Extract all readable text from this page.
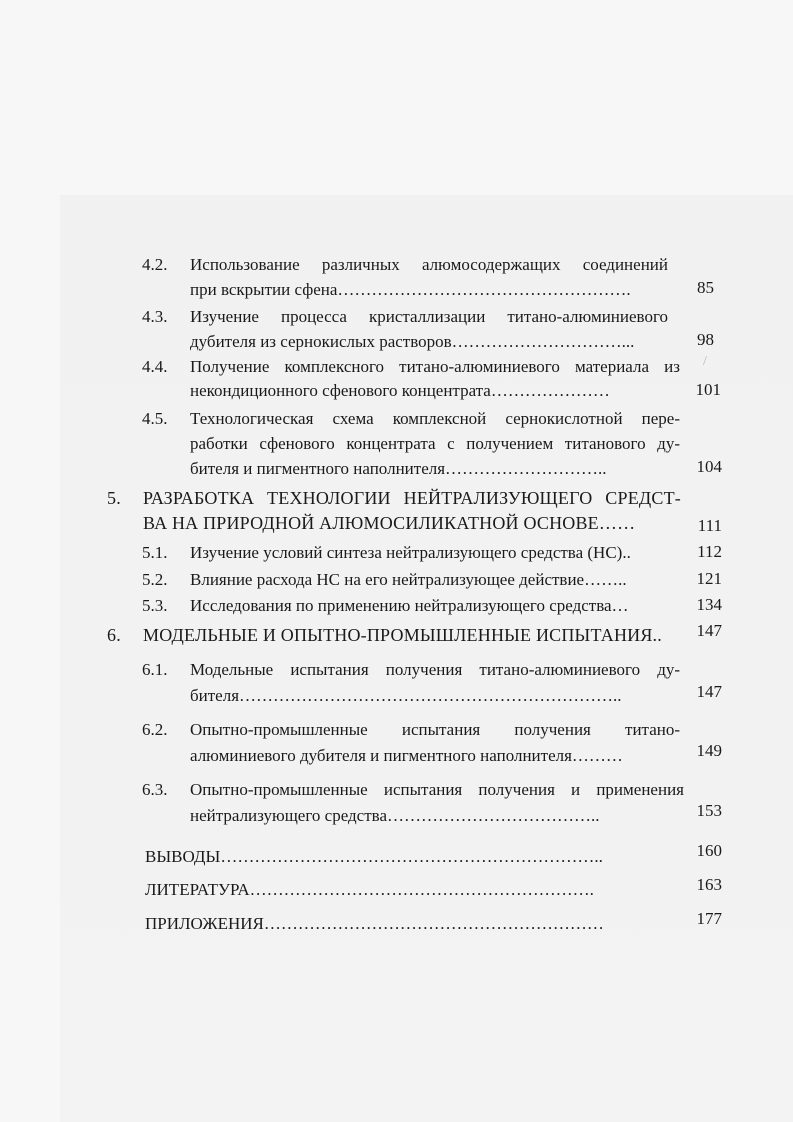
4.2. Использование различных алюмосодержащих соединений
при вскрытии сфена…………………………………………….	85
4.3. Изучение процесса кристаллизации титано-алюминиевого
дубителя из сернокислых растворов…………………………...	98
4.4. Получение комплексного титано-алюминиевого материала из
некондиционного сфенового концентрата…………………	101
4.5. Технологическая схема комплексной сернокислотной пере-
работки сфенового концентрата с получением титанового ду-
бителя и пигментного наполнителя………………………..	104
5. РАЗРАБОТКА ТЕХНОЛОГИИ НЕЙТРАЛИЗУЮЩЕГО СРЕДСТ-
ВА НА ПРИРОДНОЙ АЛЮМОСИЛИКАТНОЙ ОСНОВЕ……	111
5.1. Изучение условий синтеза нейтрализующего средства (НС)..	112
5.2. Влияние расхода НС на его нейтрализующее действие……..	121
5.3. Исследования по применению нейтрализующего средства…	134
6. МОДЕЛЬНЫЕ И ОПЫТНО-ПРОМЫШЛЕННЫЕ ИСПЫТАНИЯ..	147
6.1. Модельные испытания получения титано-алюминиевого ду-
бителя…………………………………………………………..	147
6.2. Опытно-промышленные испытания получения титано-
алюминиевого дубителя и пигментного наполнителя………	149
6.3. Опытно-промышленные испытания получения и применения
нейтрализующего средства………………………………..	153
ВЫВОДЫ…………………………………………………………..	160
ЛИТЕРАТУРА…………………………………………………….	163
ПРИЛОЖЕНИЯ……………………………………………………	177
/
